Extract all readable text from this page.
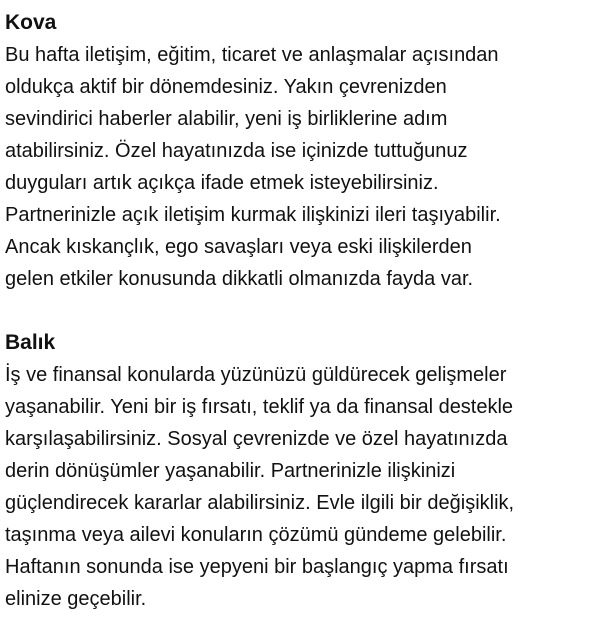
Kova

Bu hafta iletişim, eğitim, ticaret ve anlaşmalar açısından

oldukça aktif bir dönemdesiniz. Yakın çevrenizden

sevindirici haberler alabilir, yeni iş birliklerine adım

atabilirsiniz. Özel hayatınızda ise içinizde tuttuğunuz

duyguları artık açıkça ifade etmek isteyebilirsiniz.

Partnerinizle açık iletişim kurmak ilişkinizi ileri taşıyabilir.

Ancak kıskançlık, ego savaşları veya eski ilişkilerden

gelen etkiler konusunda dikkatli olmanızda fayda var.

Balık

İş ve finansal konularda yüzünüzü güldürecek gelişmeler

yaşanabilir. Yeni bir iş fırsatı, teklif ya da finansal destekle

karşılaşabilirsiniz. Sosyal çevrenizde ve özel hayatınızda

derin dönüşümler yaşanabilir. Partnerinizle ilişkinizi

güçlendirecek kararlar alabilirsiniz. Evle ilgili bir değişiklik,

taşınma veya ailevi konuların çözümü gündeme gelebilir.

Haftanın sonunda ise yepyeni bir başlangıç yapma fırsatı

elinize geçebilir.
